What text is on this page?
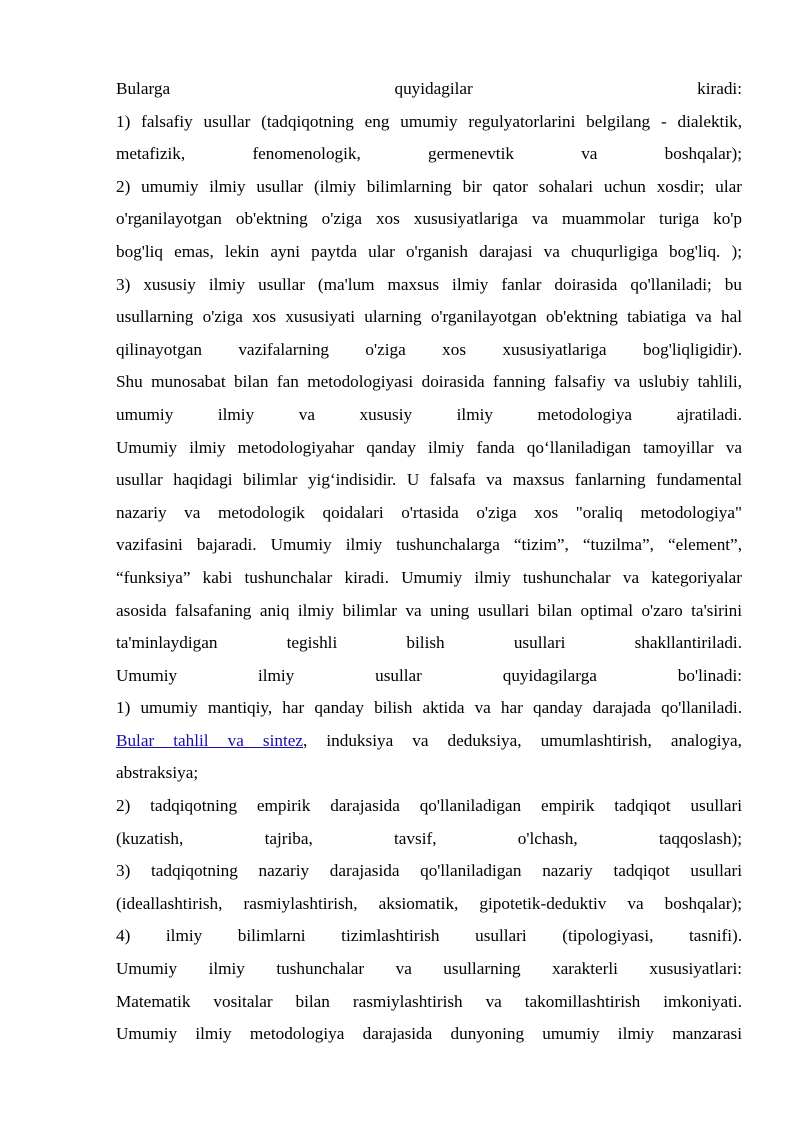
Bularga quyidagilar kiradi:
1) falsafiy usullar (tadqiqotning eng umumiy regulyatorlarini belgilang - dialektik,
metafizik, fenomenologik, germenevtik va boshqalar);
2) umumiy ilmiy usullar (ilmiy bilimlarning bir qator sohalari uchun xosdir; ular
o'rganilayotgan ob'ektning o'ziga xos xususiyatlariga va muammolar turiga ko'p
bog'liq emas, lekin ayni paytda ular o'rganish darajasi va chuqurligiga bog'liq. );
3) xususiy ilmiy usullar (ma'lum maxsus ilmiy fanlar doirasida qo'llaniladi; bu
usullarning o'ziga xos xususiyati ularning o'rganilayotgan ob'ektning tabiatiga va hal
qilinayotgan vazifalarning o'ziga xos xususiyatlariga bog'liqligidir).
Shu munosabat bilan fan metodologiyasi doirasida fanning falsafiy va uslubiy tahlili,
umumiy ilmiy va xususiy ilmiy metodologiya ajratiladi.
Umumiy ilmiy metodologiyahar qanday ilmiy fanda qo‘llaniladigan tamoyillar va
usullar haqidagi bilimlar yig‘indisidir. U falsafa va maxsus fanlarning fundamental
nazariy va metodologik qoidalari o'rtasida o'ziga xos "oraliq metodologiya"
vazifasini bajaradi. Umumiy ilmiy tushunchalarga “tizim”, “tuzilma”, “element”,
“funksiya” kabi tushunchalar kiradi. Umumiy ilmiy tushunchalar va kategoriyalar
asosida falsafaning aniq ilmiy bilimlar va uning usullari bilan optimal o'zaro ta'sirini
ta'minlaydigan tegishli bilish usullari shakllantiriladi.
Umumiy ilmiy usullar quyidagilarga bo'linadi:
1) umumiy mantiqiy, har qanday bilish aktida va har qanday darajada qo'llaniladi.
Bular tahlil va sintez, induksiya va deduksiya, umumlashtirish, analogiya,
abstraksiya;
2) tadqiqotning empirik darajasida qo'llaniladigan empirik tadqiqot usullari
(kuzatish, tajriba, tavsif, o'lchash, taqqoslash);
3) tadqiqotning nazariy darajasida qo'llaniladigan nazariy tadqiqot usullari
(ideallashtirish, rasmiylashtirish, aksiomatik, gipotetik-deduktiv va boshqalar);
4) ilmiy bilimlarni tizimlashtirish usullari (tipologiyasi, tasnifi).
Umumiy ilmiy tushunchalar va usullarning xarakterli xususiyatlari:
Matematik vositalar bilan rasmiylashtirish va takomillashtirish imkoniyati.
Umumiy ilmiy metodologiya darajasida dunyoning umumiy ilmiy manzarasi
